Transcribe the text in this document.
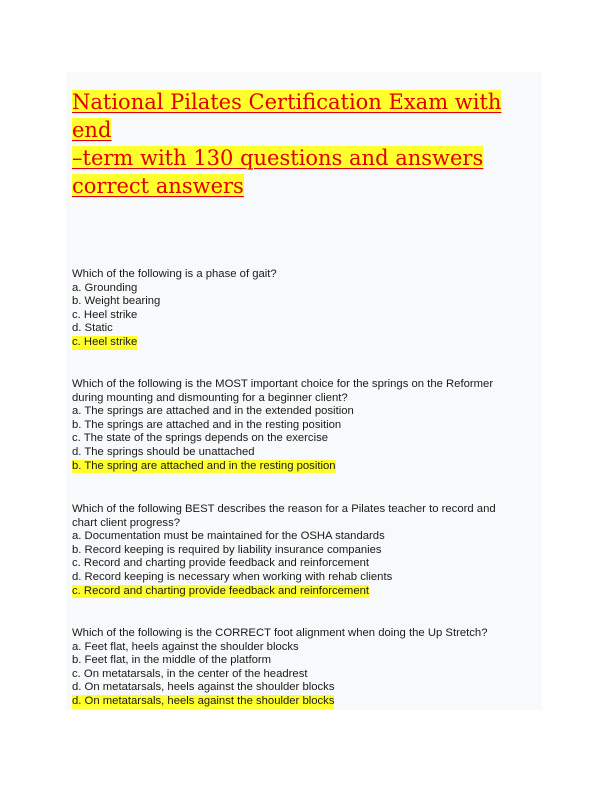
National Pilates Certification Exam with end
–term with 130 questions and answers
correct answers
Which of the following is a phase of gait?
a. Grounding
b. Weight bearing
c. Heel strike
d. Static
c. Heel strike
Which of the following is the MOST important choice for the springs on the Reformer
during mounting and dismounting for a beginner client?
a. The springs are attached and in the extended position
b. The springs are attached and in the resting position
c. The state of the springs depends on the exercise
d. The springs should be unattached
b. The spring are attached and in the resting position
Which of the following BEST describes the reason for a Pilates teacher to record and
chart client progress?
a. Documentation must be maintained for the OSHA standards
b. Record keeping is required by liability insurance companies
c. Record and charting provide feedback and reinforcement
d. Record keeping is necessary when working with rehab clients
c. Record and charting provide feedback and reinforcement
Which of the following is the CORRECT foot alignment when doing the Up Stretch?
a. Feet flat, heels against the shoulder blocks
b. Feet flat, in the middle of the platform
c. On metatarsals, in the center of the headrest
d. On metatarsals, heels against the shoulder blocks
d. On metatarsals, heels against the shoulder blocks
